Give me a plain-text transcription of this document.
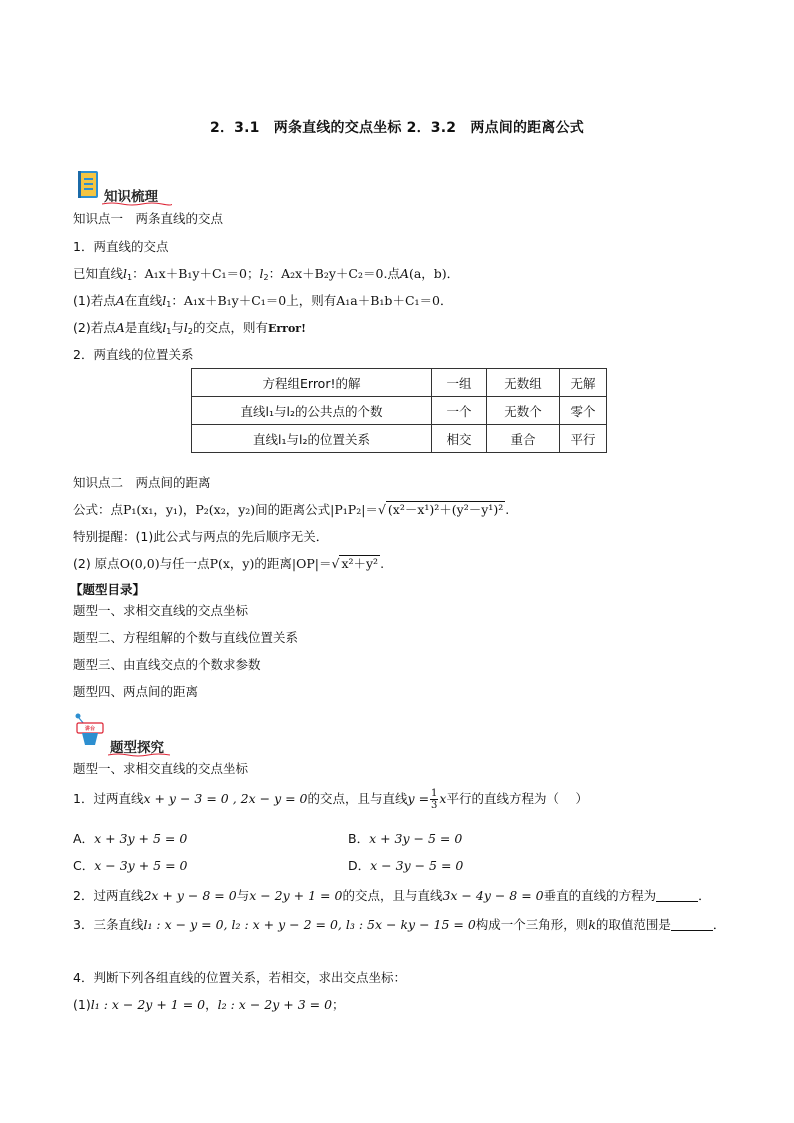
2．3.1　两条直线的交点坐标 2．3.2　两点间的距离公式
知识梳理
知识点一　两条直线的交点
1．两直线的交点
已知直线$l_1$：A₁x＋B₁y＋C₁＝0；$l_2$：A₂x＋B₂y＋C₂＝0.点A(a，b)．
(1)若点A在直线$l_1$：A₁x＋B₁y＋C₁＝0上，则有A₁a＋B₁b＋C₁＝0．
(2)若点A是直线$l_1$与$l_2$的交点，则有Error!
2．两直线的位置关系
方程组Error!的解	一组	无数组	无解
直线l₁与l₂的公共点的个数	一个	无数个	零个
直线l₁与l₂的位置关系	相交	重合	平行
知识点二　两点间的距离
公式：点P₁(x₁，y₁)，P₂(x₂，y₂)间的距离公式|P₁P₂|＝√ (x²－x¹)²＋(y²－y¹)² .
特别提醒：(1)此公式与两点的先后顺序无关．
(2) 原点O(0,0)与任一点P(x，y)的距离|OP|＝√ x²＋y² .
【题型目录】
题型一、求相交直线的交点坐标
题型二、方程组解的个数与直线位置关系
题型三、由直线交点的个数求参数
题型四、两点间的距离
讲台
题型探究
题型一、求相交直线的交点坐标
1．过两直线x + y − 3 = 0 , 2x − y = 0的交点，且与直线$y = \frac{1}{3}$ x平行的直线方程为（　 ）
A．x + 3y + 5 = 0	B．x + 3y − 5 = 0
C．x − 3y + 5 = 0	D．x − 3y − 5 = 0
2．过两直线2x + y − 8 = 0与x − 2y + 1 = 0的交点，且与直线3x − 4y − 8 = 0垂直的直线的方程为	．
3．三条直线l₁ : x − y = 0, l₂ : x + y − 2 = 0, l₃ : 5x − ky − 15 = 0构成一个三角形，则k的取值范围是	．
4．判断下列各组直线的位置关系，若相交，求出交点坐标：
(1)l₁ : x − 2y + 1 = 0，l₂ : x − 2y + 3 = 0；
